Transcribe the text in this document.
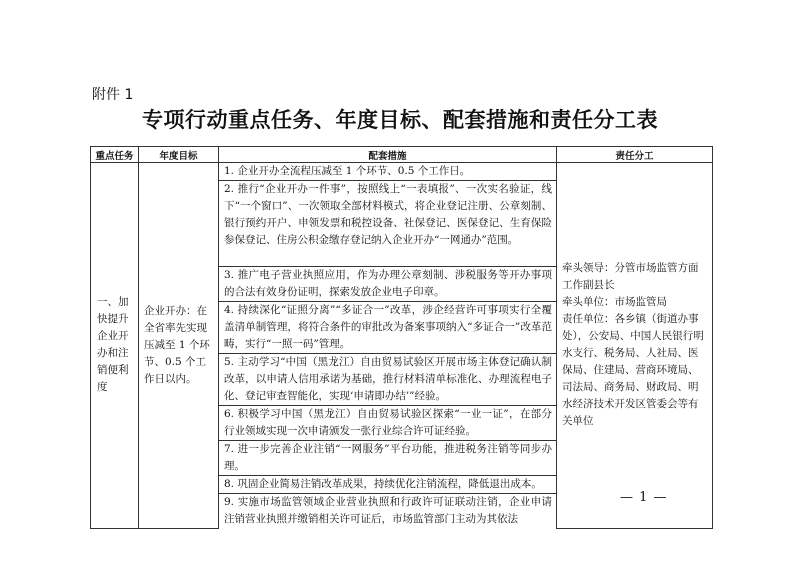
附件 1
专项行动重点任务、年度目标、配套措施和责任分工表
重点任务	年度目标	配套措施	责任分工
一、加快提升企业开办和注销便利度	企业开办：在全省率先实现压减至 1 个环节、0.5 个工作日以内。	1. 企业开办全流程压减至 1 个环节、0.5 个工作日。	牵头领导：分管市场监管方面工作副县长
牵头单位：市场监管局
责任单位：各乡镇（街道办事处），公安局、中国人民银行明水支行、税务局、人社局、医保局、住建局、营商环境局、司法局、商务局、财政局、明水经济技术开发区管委会等有关单位

		2. 推行“企业开办一件事”，按照线上“一表填报”、一次实名验证，线下“一个窗口”、一次领取全部材料模式，将企业登记注册、公章刻制、银行预约开户、申领发票和税控设备、社保登记、医保登记、生育保险参保登记、住房公积金缴存登记纳入企业开办“一网通办”范围。	
		3. 推广电子营业执照应用，作为办理公章刻制、涉税服务等开办事项的合法有效身份证明，探索发放企业电子印章。	
		4. 持续深化“证照分离”“多证合一”改革，涉企经营许可事项实行全覆盖清单制管理，将符合条件的审批改为备案事项纳入“多证合一”改革范畴，实行“一照一码”管理。	
		5. 主动学习“中国（黑龙江）自由贸易试验区开展市场主体登记确认制改革，以申请人信用承诺为基础，推行材料清单标准化、办理流程电子化、登记审查智能化，实现‘申请即办结’”经验。	
		6. 积极学习中国（黑龙江）自由贸易试验区探索“一业一证”，在部分行业领域实现一次申请颁发一张行业综合许可证经验。	
		7. 进一步完善企业注销“一网服务”平台功能，推进税务注销等同步办理。	
		8. 巩固企业简易注销改革成果，持续优化注销流程，降低退出成本。	
		9. 实施市场监管领域企业营业执照和行政许可证联动注销，企业申请注销营业执照并缴销相关许可证后，市场监管部门主动为其依法	
— 1 —
